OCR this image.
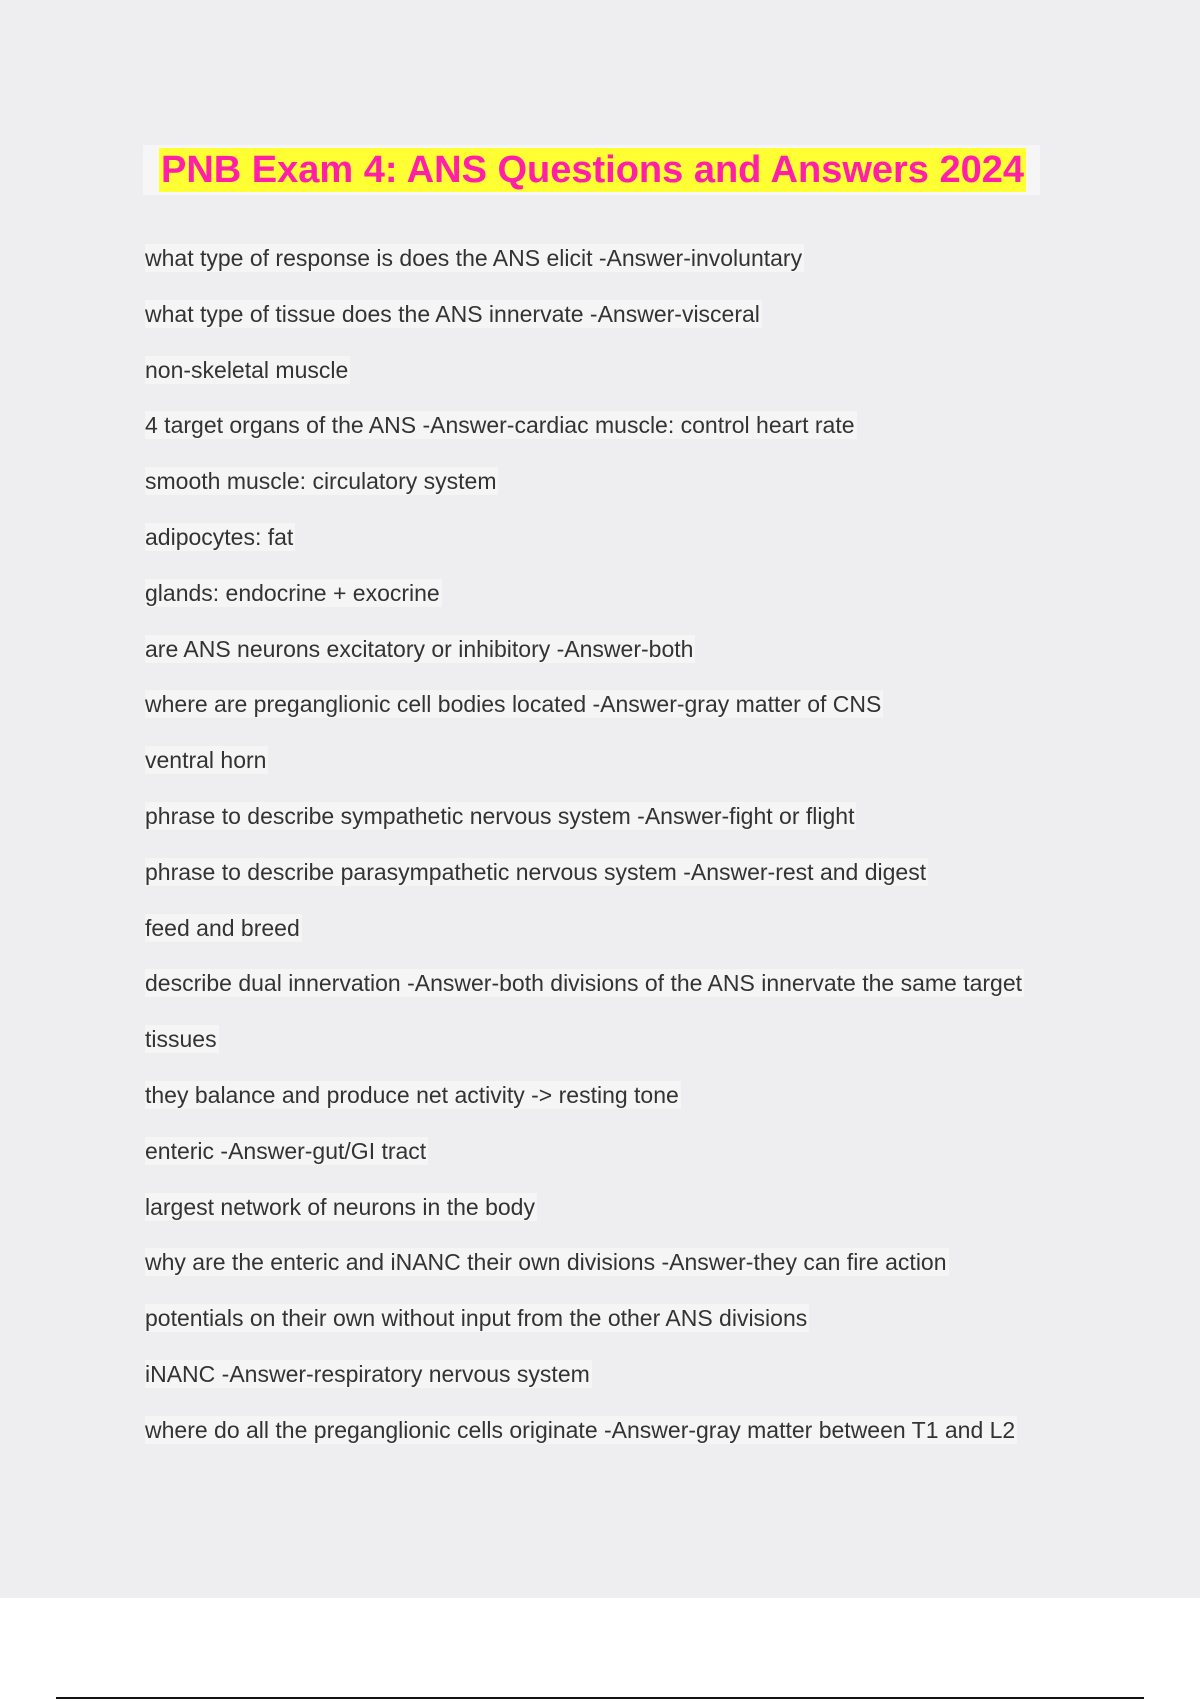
PNB Exam 4: ANS Questions and Answers 2024
what type of response is does the ANS elicit -Answer-involuntary
what type of tissue does the ANS innervate -Answer-visceral
non-skeletal muscle
4 target organs of the ANS -Answer-cardiac muscle: control heart rate
smooth muscle: circulatory system
adipocytes: fat
glands: endocrine + exocrine
are ANS neurons excitatory or inhibitory -Answer-both
where are preganglionic cell bodies located -Answer-gray matter of CNS
ventral horn
phrase to describe sympathetic nervous system -Answer-fight or flight
phrase to describe parasympathetic nervous system -Answer-rest and digest
feed and breed
describe dual innervation -Answer-both divisions of the ANS innervate the same target
tissues
they balance and produce net activity -> resting tone
enteric -Answer-gut/GI tract
largest network of neurons in the body
why are the enteric and iNANC their own divisions -Answer-they can fire action
potentials on their own without input from the other ANS divisions
iNANC -Answer-respiratory nervous system
where do all the preganglionic cells originate -Answer-gray matter between T1 and L2
